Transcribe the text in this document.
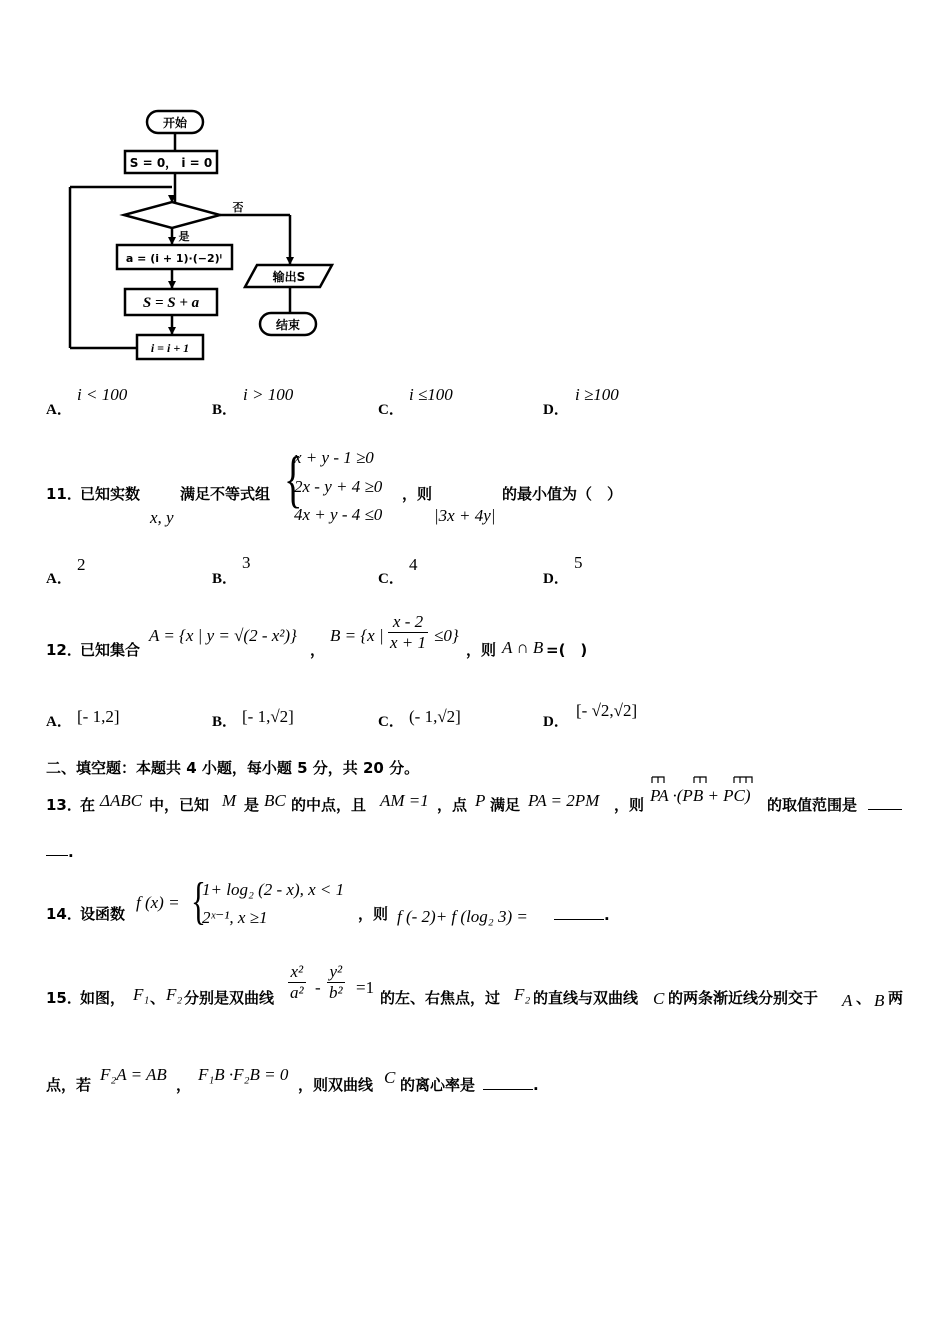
开始
S = 0， i = 0
否
是
a = (i + 1)·(−2)ⁱ
S = S + a
输出S
结束
i = i + 1
A．
i < 100
B．
i > 100
C．
i ≤100
D．
i ≥100
11．
已知实数
x, y
满足不等式组 {
x + y - 1 ≥0
2x - y + 4 ≥0
4x + y - 4 ≤0
，则
|3x + 4y|
的最小值为（　）
A．
2
B．
3
C．
4
D．
5
12．
已知集合
A = {x | y = √(2 - x²)}
，
B = {x | $\frac{x - 2}{x + 1} \le 0$}
，则 A ∩ B =(　)
A． [- 1,2]	B． [- 1,√2]	C． (- 1,√2]	D．
[- √2,√2]
二、填空题：本题共 4 小题，每小题 5 分，共 20 分。
13．
在 ΔABC 中，已知 M 是 BC 的中点，且 AM =1 ，点 P 满足 PA = 2PM ，则 PA ·(PB + PC) 的取值范围是
.
14．
设函数
f (x) = {
1+ log₂ (2 - x), x < 1
2ˣ⁻¹, x ≥1	，则 f (- 2)+ f (log₂ 3) =	.
15．
如图， F₁ 、 F₂ 分别是双曲线 $\frac{\text{x²}}{\text{a²}} - \frac{\text{y²}}{\text{b²}} =1$
的左、右焦点，过 F₂ 的直线与双曲线 C 的两条渐近线分别交于 A 、 B 两
点，若
F₂A = AB
，
F₁B ·F₂B = 0
，则双曲线 C 的离心率是	.
